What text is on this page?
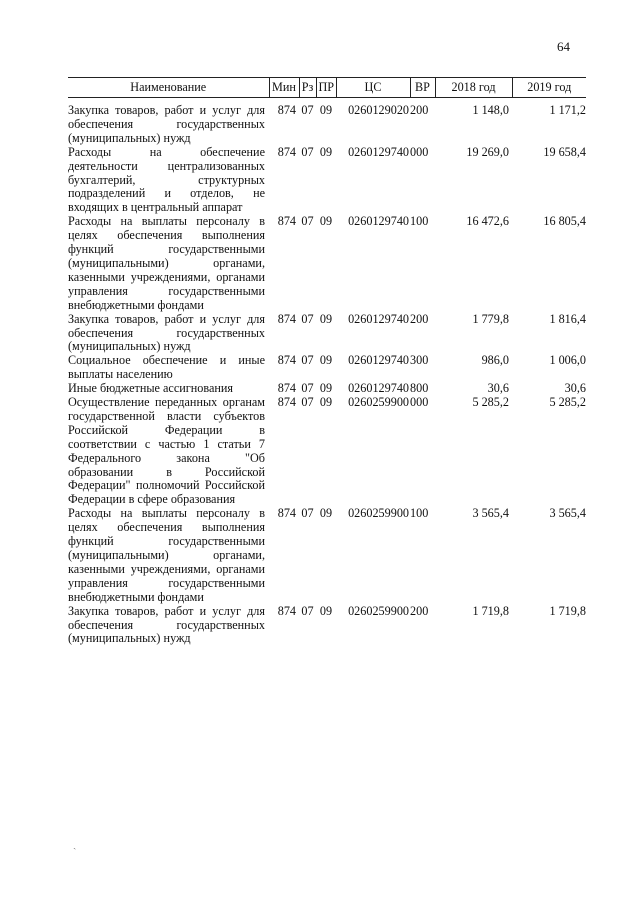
64
Наименование	Мин	Рз	ПР	ЦС	ВР	2018 год	2019 год
Закупка товаров, работ и услуг для обеспечения государственных (муниципальных) нужд	874	07	09	0260129020	200	1 148,0	1 171,2
Расходы на обеспечение деятельности централизованных бухгалтерий, структурных подразделений и отделов, не входящих в центральный аппарат	874	07	09	0260129740	000	19 269,0	19 658,4
Расходы на выплаты персоналу в целях обеспечения выполнения функций государственными (муниципальными) органами, казенными учреждениями, органами управления государственными внебюджетными фондами	874	07	09	0260129740	100	16 472,6	16 805,4
Закупка товаров, работ и услуг для обеспечения государственных (муниципальных) нужд	874	07	09	0260129740	200	1 779,8	1 816,4
Социальное обеспечение и иные выплаты населению	874	07	09	0260129740	300	986,0	1 006,0
Иные бюджетные ассигнования	874	07	09	0260129740	800	30,6	30,6
Осуществление переданных органам государственной власти субъектов Российской Федерации в соответствии с частью 1 статьи 7 Федерального закона "Об образовании в Российской Федерации" полномочий Российской Федерации в сфере образования	874	07	09	0260259900	000	5 285,2	5 285,2
Расходы на выплаты персоналу в целях обеспечения выполнения функций государственными (муниципальными) органами, казенными учреждениями, органами управления государственными внебюджетными фондами	874	07	09	0260259900	100	3 565,4	3 565,4
Закупка товаров, работ и услуг для обеспечения государственных (муниципальных) нужд	874	07	09	0260259900	200	1 719,8	1 719,8
ˎ
